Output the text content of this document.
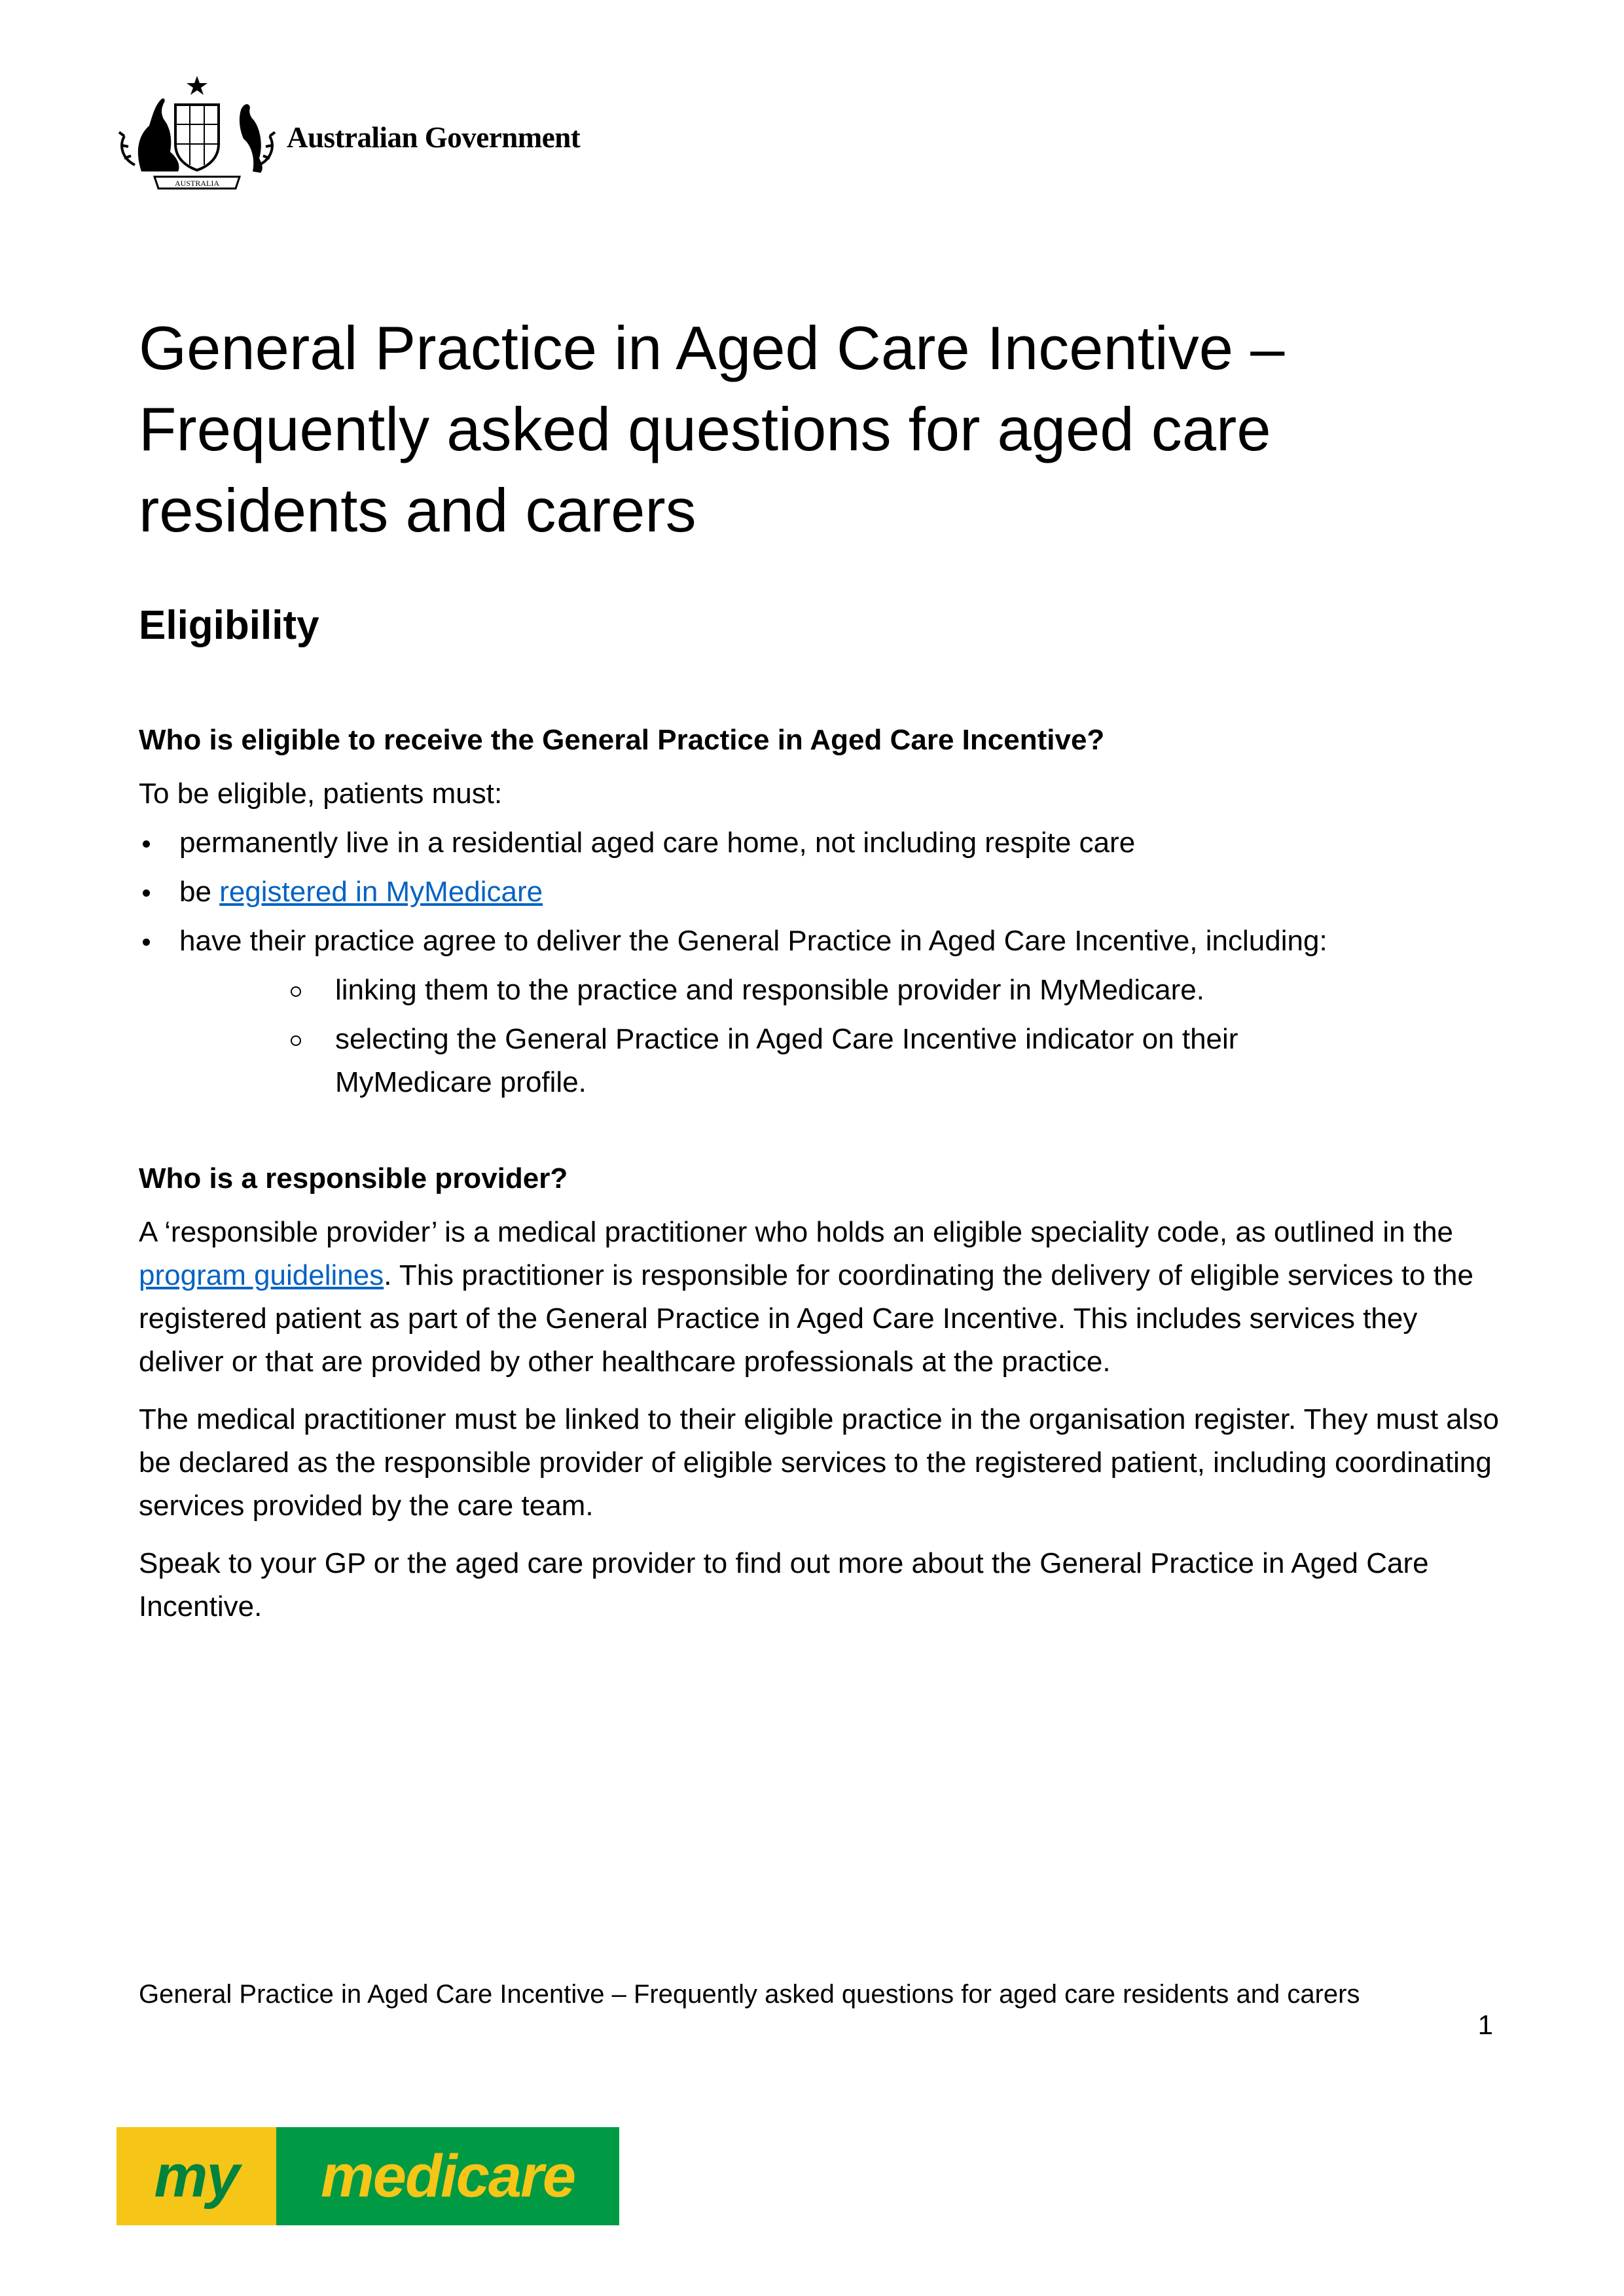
AUSTRALIA
Australian Government
General Practice in Aged Care Incentive – Frequently asked questions for aged care residents and carers
Eligibility
Who is eligible to receive the General Practice in Aged Care Incentive?

To be eligible, patients must:

permanently live in a residential aged care home, not including respite care
be registered in MyMedicare
have their practice agree to deliver the General Practice in Aged Care Incentive, including:
linking them to the practice and responsible provider in MyMedicare.
selecting the General Practice in Aged Care Incentive indicator on their MyMedicare profile.
Who is a responsible provider?

A ‘responsible provider’ is a medical practitioner who holds an eligible speciality code, as outlined in the program guidelines. This practitioner is responsible for coordinating the delivery of eligible services to the registered patient as part of the General Practice in Aged Care Incentive. This includes services they deliver or that are provided by other healthcare professionals at the practice.

The medical practitioner must be linked to their eligible practice in the organisation register. They must also be declared as the responsible provider of eligible services to the registered patient, including coordinating services provided by the care team.

Speak to your GP or the aged care provider to find out more about the General Practice in Aged Care Incentive.

General Practice in Aged Care Incentive – Frequently asked questions for aged care residents and carers
1
my	medicare
